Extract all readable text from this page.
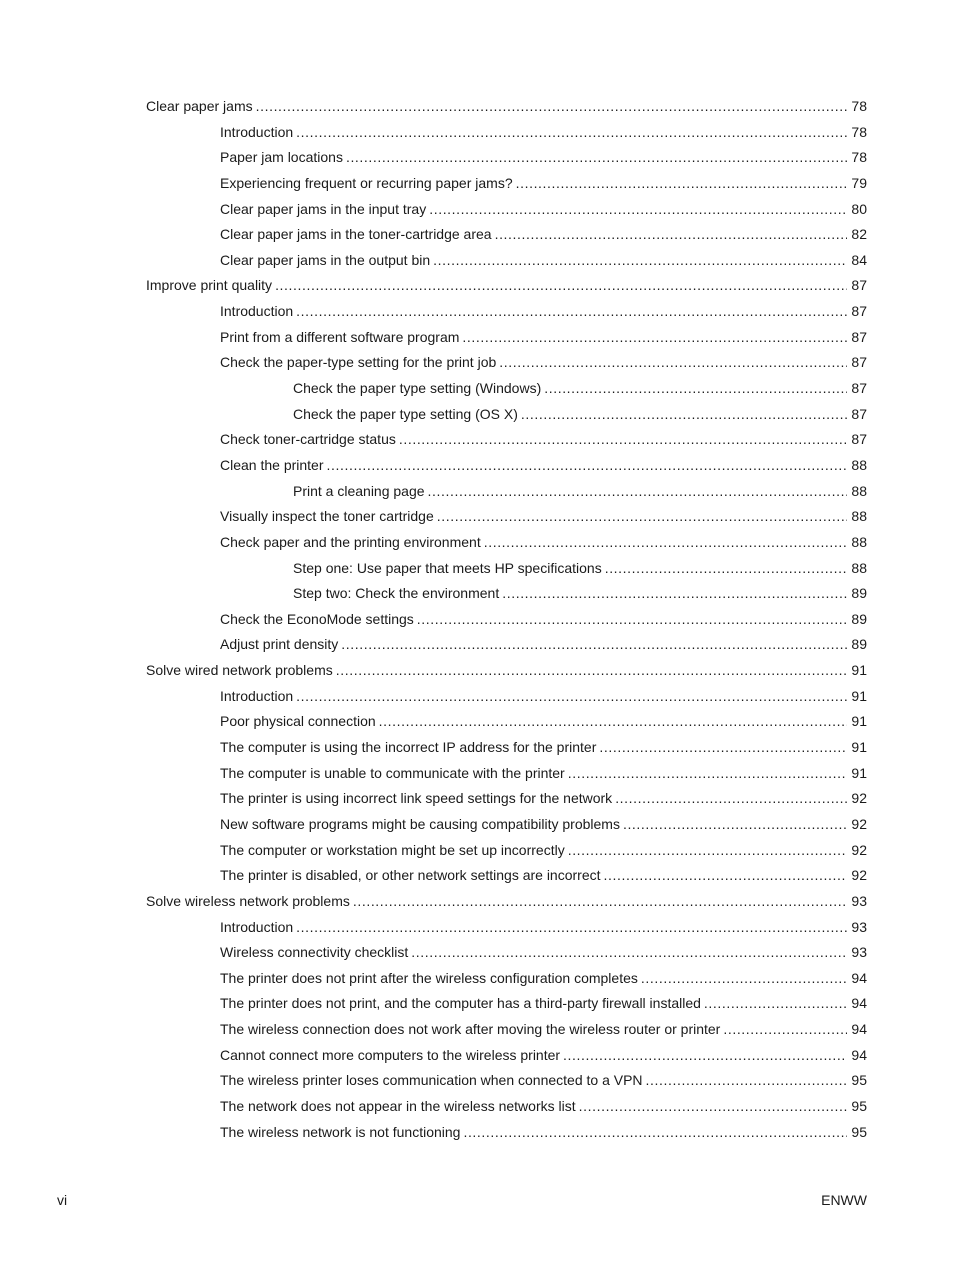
Clear paper jams .....	78
Introduction .....	78
Paper jam locations .....	78
Experiencing frequent or recurring paper jams? .....	79
Clear paper jams in the input tray .....	80
Clear paper jams in the toner-cartridge area .....	82
Clear paper jams in the output bin .....	84
Improve print quality .....	87
Introduction .....	87
Print from a different software program .....	87
Check the paper-type setting for the print job .....	87
Check the paper type setting (Windows) .....	87
Check the paper type setting (OS X) .....	87
Check toner-cartridge status .....	87
Clean the printer .....	88
Print a cleaning page .....	88
Visually inspect the toner cartridge .....	88
Check paper and the printing environment .....	88
Step one: Use paper that meets HP specifications .....	88
Step two: Check the environment .....	89
Check the EconoMode settings .....	89
Adjust print density .....	89
Solve wired network problems .....	91
Introduction .....	91
Poor physical connection .....	91
The computer is using the incorrect IP address for the printer .....	91
The computer is unable to communicate with the printer .....	91
The printer is using incorrect link speed settings for the network .....	92
New software programs might be causing compatibility problems .....	92
The computer or workstation might be set up incorrectly .....	92
The printer is disabled, or other network settings are incorrect .....	92
Solve wireless network problems .....	93
Introduction .....	93
Wireless connectivity checklist .....	93
The printer does not print after the wireless configuration completes .....	94
The printer does not print, and the computer has a third-party firewall installed .....	94
The wireless connection does not work after moving the wireless router or printer .....	94
Cannot connect more computers to the wireless printer .....	94
The wireless printer loses communication when connected to a VPN .....	95
The network does not appear in the wireless networks list .....	95
The wireless network is not functioning .....	95
vi	ENWW
